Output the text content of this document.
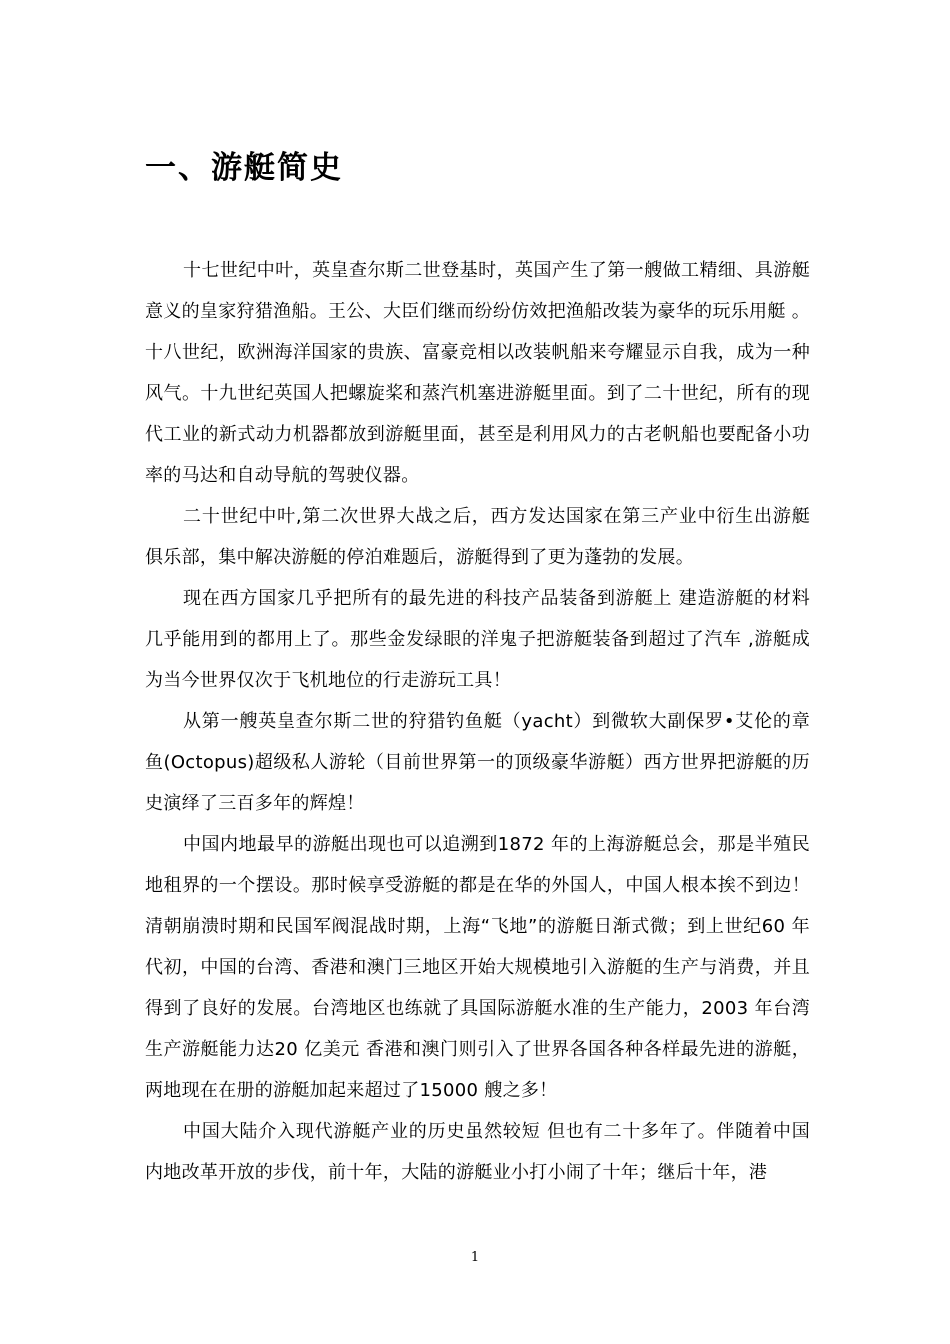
一、游艇简史

十七世纪中叶，英皇查尔斯二世登基时，英国产生了第一艘做工精细、具游艇意义的皇家狩猎渔船。王公、大臣们继而纷纷仿效把渔船改装为豪华的玩乐用艇 。十八世纪，欧洲海洋国家的贵族、富豪竞相以改装帆船来夸耀显示自我，成为一种风气。十九世纪英国人把螺旋桨和蒸汽机塞进游艇里面。到了二十世纪，所有的现代工业的新式动力机器都放到游艇里面，甚至是利用风力的古老帆船也要配备小功率的马达和自动导航的驾驶仪器。

二十世纪中叶,第二次世界大战之后，西方发达国家在第三产业中衍生出游艇俱乐部，集中解决游艇的停泊难题后，游艇得到了更为蓬勃的发展。

现在西方国家几乎把所有的最先进的科技产品装备到游艇上 建造游艇的材料几乎能用到的都用上了。那些金发绿眼的洋鬼子把游艇装备到超过了汽车 ,游艇成为当今世界仅次于飞机地位的行走游玩工具！

从第一艘英皇查尔斯二世的狩猎钓鱼艇（yacht）到微软大副保罗•艾伦的章鱼(Octopus)超级私人游轮（目前世界第一的顶级豪华游艇）西方世界把游艇的历史演绎了三百多年的辉煌！

中国内地最早的游艇出现也可以追溯到1872 年的上海游艇总会，那是半殖民地租界的一个摆设。那时候享受游艇的都是在华的外国人，中国人根本挨不到边！清朝崩溃时期和民国军阀混战时期，上海“飞地”的游艇日渐式微；到上世纪60 年代初，中国的台湾、香港和澳门三地区开始大规模地引入游艇的生产与消费，并且得到了良好的发展。台湾地区也练就了具国际游艇水准的生产能力，2003 年台湾生产游艇能力达20 亿美元 香港和澳门则引入了世界各国各种各样最先进的游艇，两地现在在册的游艇加起来超过了15000 艘之多！

中国大陆介入现代游艇产业的历史虽然较短 但也有二十多年了。伴随着中国内地改革开放的步伐，前十年，大陆的游艇业小打小闹了十年；继后十年，港

1
